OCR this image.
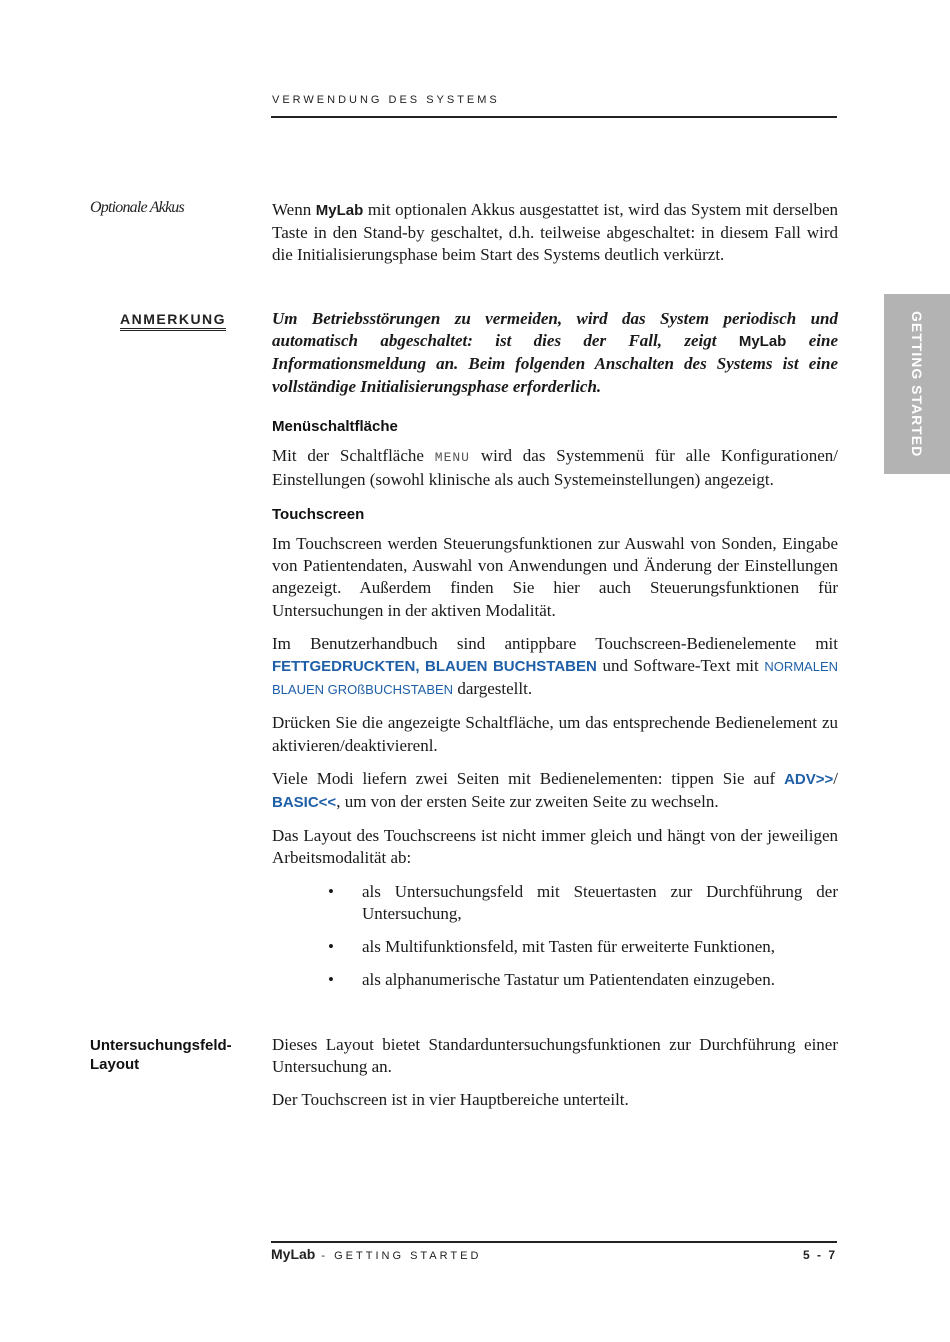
VERWENDUNG DES SYSTEMS
GETTING STARTED
Optionale Akkus
ANMERKUNG
Untersuchungsfeld-Layout

Wenn MyLab mit optionalen Akkus ausgestattet ist, wird das System mit derselben Taste in den Stand-by geschaltet, d.h. teilweise abgeschaltet: in diesem Fall wird die Initialisierungsphase beim Start des Systems deutlich verkürzt.

Um Betriebsstörungen zu vermeiden, wird das System periodisch und automatisch abgeschaltet: ist dies der Fall, zeigt MyLab eine Informationsmeldung an. Beim folgenden Anschalten des Systems ist eine vollständige Initialisierungsphase erforderlich.

Menüschaltfläche

Mit der Schaltfläche MENU wird das Systemmenü für alle Konfigurationen/ Einstellungen (sowohl klinische als auch Systemeinstellungen) angezeigt.

Touchscreen

Im Touchscreen werden Steuerungsfunktionen zur Auswahl von Sonden, Eingabe von Patientendaten, Auswahl von Anwendungen und Änderung der Einstellungen angezeigt. Außerdem finden Sie hier auch Steuerungsfunktionen für Untersuchungen in der aktiven Modalität.

Im Benutzerhandbuch sind antippbare Touchscreen-Bedienelemente mit FETTGEDRUCKTEN, BLAUEN BUCHSTABEN und Software-Text mit NORMALEN BLAUEN GROßBUCHSTABEN dargestellt.

Drücken Sie die angezeigte Schaltfläche, um das entsprechende Bedienelement zu aktivieren/deaktivierenl.

Viele Modi liefern zwei Seiten mit Bedienelementen: tippen Sie auf ADV>>/ BASIC<<, um von der ersten Seite zur zweiten Seite zu wechseln.

Das Layout des Touchscreens ist nicht immer gleich und hängt von der jeweiligen Arbeitsmodalität ab:

• als Untersuchungsfeld mit Steuertasten zur Durchführung der Untersuchung,
• als Multifunktionsfeld, mit Tasten für erweiterte Funktionen,
• als alphanumerische Tastatur um Patientendaten einzugeben.

Dieses Layout bietet Standarduntersuchungsfunktionen zur Durchführung einer Untersuchung an.

Der Touchscreen ist in vier Hauptbereiche unterteilt.

MyLab - GETTING STARTED	5 - 7
